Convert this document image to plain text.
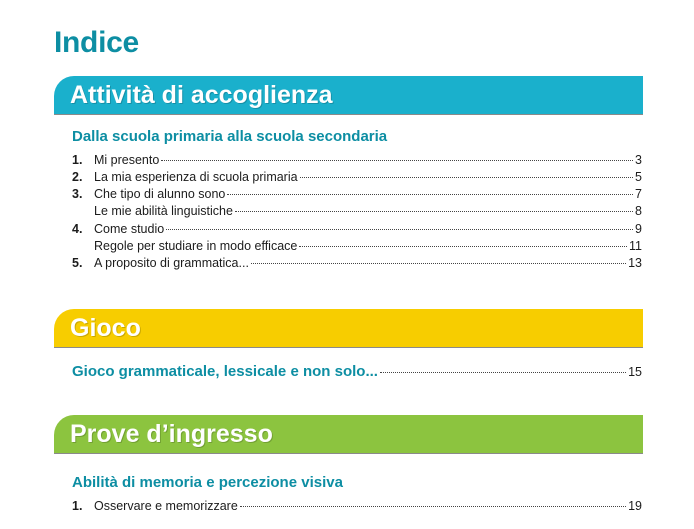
Indice
Attività di accoglienza
Dalla scuola primaria alla scuola secondaria
1. Mi presento	3
2. La mia esperienza di scuola primaria	5
3. Che tipo di alunno sono	7
Le mie abilità linguistiche	8
4. Come studio	9
Regole per studiare in modo efficace	11
5. A proposito di grammatica...	13
Gioco
Gioco grammaticale, lessicale e non solo...	15
Prove d’ingresso
Abilità di memoria e percezione visiva
1. Osservare e memorizzare	19
